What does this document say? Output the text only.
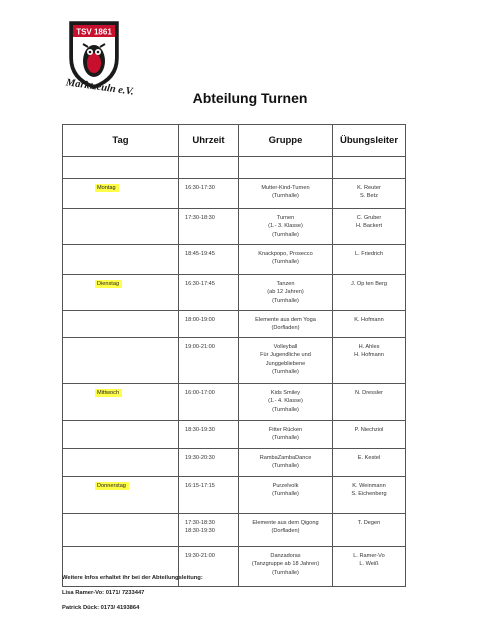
TSV 1861
Marktzeuln e.V.
Abteilung Turnen
Tag	Uhrzeit	Gruppe	Übungsleiter

Montag	16:30-17:30	Mutter-Kind-Turnen
(Turnhalle)	K. Reuter
S. Betz

	17:30-18:30	Turnen
(1.- 3. Klasse)
(Turnhalle)	C. Gruber
H. Backert

	18:45-19:45	Knackpopo, Prosecco
(Turnhalle)	L. Friedrich

Dienstag	16:30-17:45	Tanzen
(ab 12 Jahren)
(Turnhalle)	J. Op ten Berg

	18:00-19:00	Elemente aus dem Yoga
(Dorfladen)	K. Hofmann

	19:00-21:00	Volleyball
Für Jugendliche und
Junggebliebene
(Turnhalle)	H. Ahles
H. Hofmann

Mittwoch	16:00-17:00	Kids Smiley
(1.- 4. Klasse)
(Turnhalle)	N. Dressler

	18:30-19:30	Fitter Rücken
(Turnhalle)	P. Niechziol

	19:30-20:30	RambaZambaDance
(Turnhalle)	E. Kestel

Donnerstag	16:15-17:15	Purzelvolk
(Turnhalle)	K. Weinmann
S. Eichenberg

	17:30-18:30
18:30-19:30	Elemente aus dem Qigong
(Dorfladen)	T. Degen

	19:30-21:00	Danzadoras
(Tanzgruppe ab 18 Jahren)
(Turnhalle)	L. Ramer-Vo
L. Weiß
Weitere Infos erhaltet ihr bei der Abteilungsleitung:
Lisa Ramer-Vo: 0171/ 7233447
Patrick Dück: 0173/ 4193864
